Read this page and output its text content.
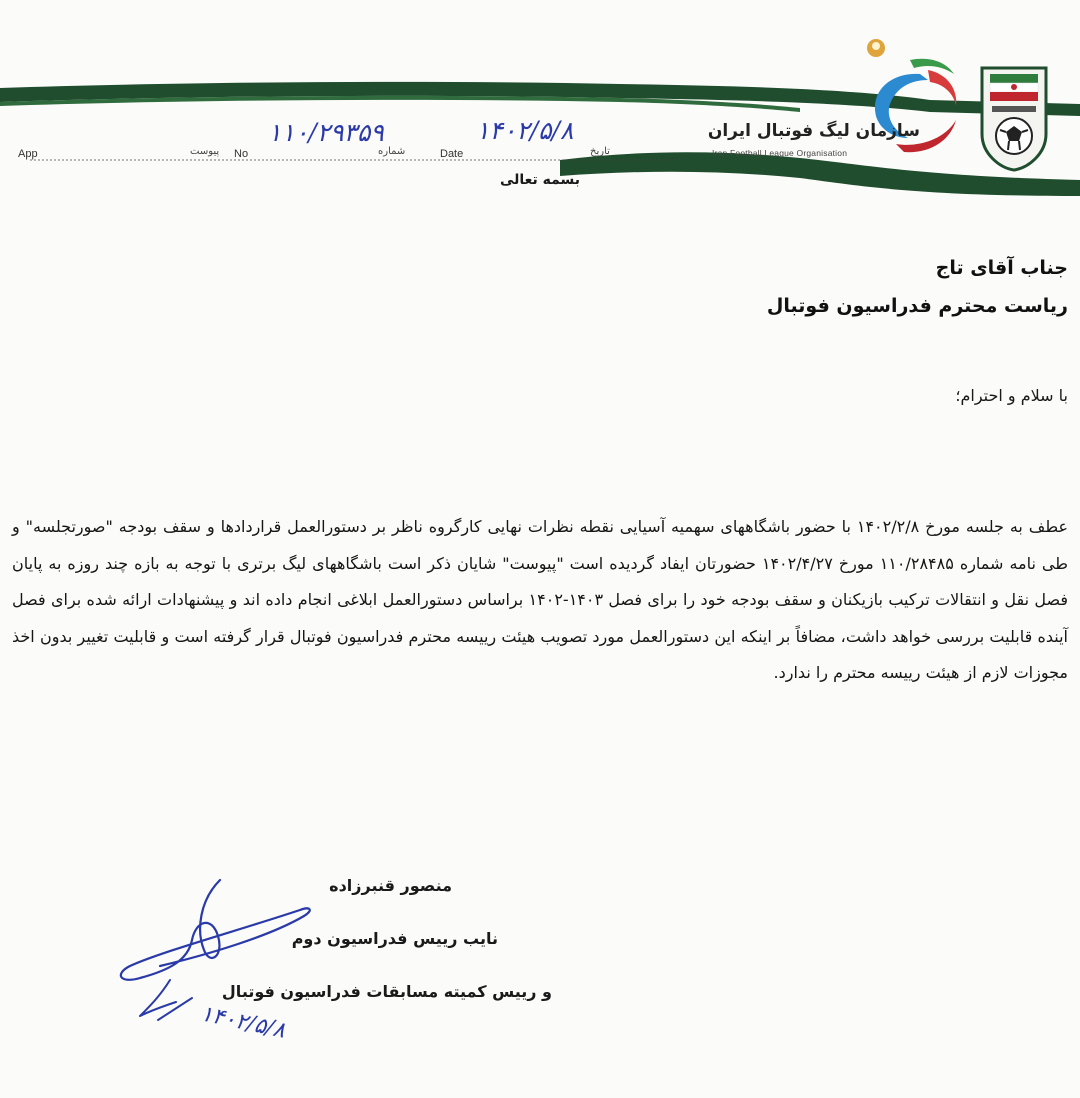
سازمان لیگ فوتبال ایران
Iran Football League Organisation
تاریخ
۱۴۰۲/۵/۸
Date
شماره
۱۱۰/۲۹۳۵۹
No
پیوست
App
بسمه تعالی
جناب آقای تاج
ریاست محترم فدراسیون فوتبال
با سلام و احترام؛
عطف به جلسه مورخ ۱۴۰۲/۲/۸ با حضور باشگاههای سهمیه آسیایی نقطه نظرات نهایی کارگروه ناظر بر دستورالعمل قراردادها و سقف بودجه "صورتجلسه" و طی نامه شماره ۱۱۰/۲۸۴۸۵ مورخ ۱۴۰۲/۴/۲۷ حضورتان ایفاد گردیده است "پیوست" شایان ذکر است باشگاههای لیگ برتری با توجه به بازه چند روزه به پایان فصل نقل و انتقالات ترکیب بازیکنان و سقف بودجه خود را برای فصل ۱۴۰۳-۱۴۰۲ براساس دستورالعمل ابلاغی انجام داده اند و پیشنهادات ارائه شده برای فصل آینده قابلیت بررسی خواهد داشت، مضافاً بر اینکه این دستورالعمل مورد تصویب هیئت رییسه محترم فدراسیون فوتبال قرار گرفته است و قابلیت تغییر بدون اخذ مجوزات لازم از هیئت رییسه محترم را ندارد.
۱۴۰۲/۵/۸
منصور قنبرزاده
نایب رییس فدراسیون دوم
و رییس کمیته مسابقات فدراسیون فوتبال
